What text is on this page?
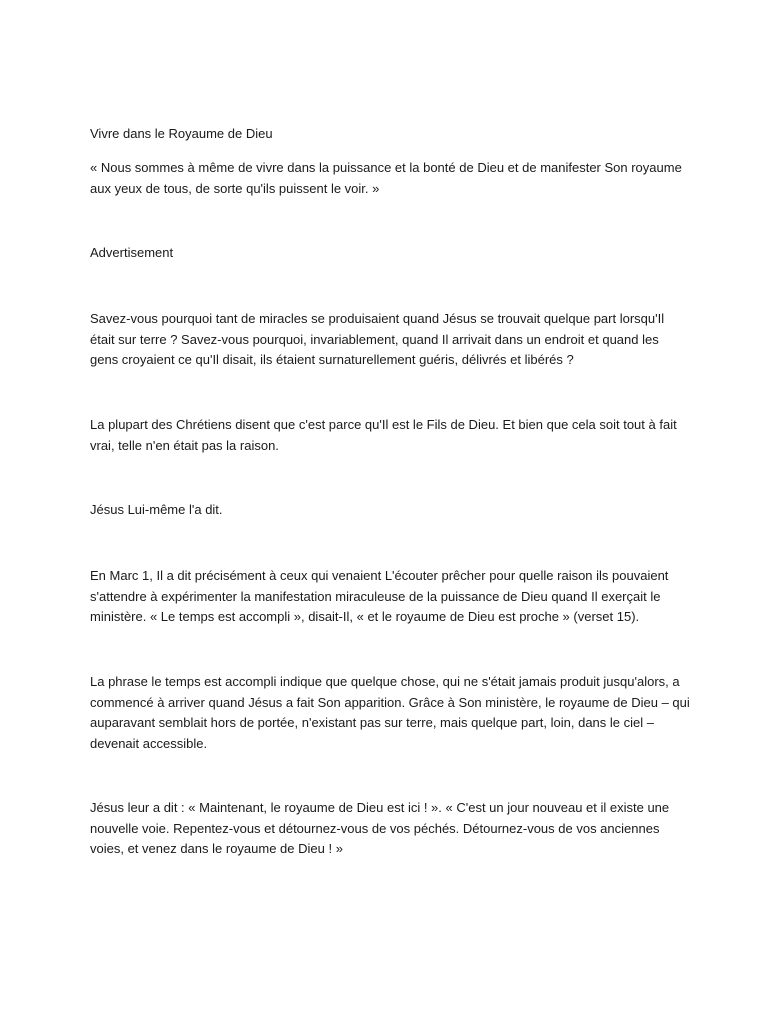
Vivre dans le Royaume de Dieu

« Nous sommes à même de vivre dans la puissance et la bonté de Dieu et de manifester Son royaume aux yeux de tous, de sorte qu'ils puissent le voir. »

Advertisement

Savez-vous pourquoi tant de miracles se produisaient quand Jésus se trouvait quelque part lorsqu'Il était sur terre ? Savez-vous pourquoi, invariablement, quand Il arrivait dans un endroit et quand les gens croyaient ce qu'Il disait, ils étaient surnaturellement guéris, délivrés et libérés ?

La plupart des Chrétiens disent que c'est parce qu'Il est le Fils de Dieu. Et bien que cela soit tout à fait vrai, telle n'en était pas la raison.

Jésus Lui-même l'a dit.

En Marc 1, Il a dit précisément à ceux qui venaient L'écouter prêcher pour quelle raison ils pouvaient s'attendre à expérimenter la manifestation miraculeuse de la puissance de Dieu quand Il exerçait le ministère. « Le temps est accompli », disait-Il, « et le royaume de Dieu est proche » (verset 15).

La phrase le temps est accompli indique que quelque chose, qui ne s'était jamais produit jusqu'alors, a commencé à arriver quand Jésus a fait Son apparition. Grâce à Son ministère, le royaume de Dieu – qui auparavant semblait hors de portée, n'existant pas sur terre, mais quelque part, loin, dans le ciel – devenait accessible.

Jésus leur a dit : « Maintenant, le royaume de Dieu est ici ! ». « C'est un jour nouveau et il existe une nouvelle voie. Repentez-vous et détournez-vous de vos péchés. Détournez-vous de vos anciennes voies, et venez dans le royaume de Dieu ! »
